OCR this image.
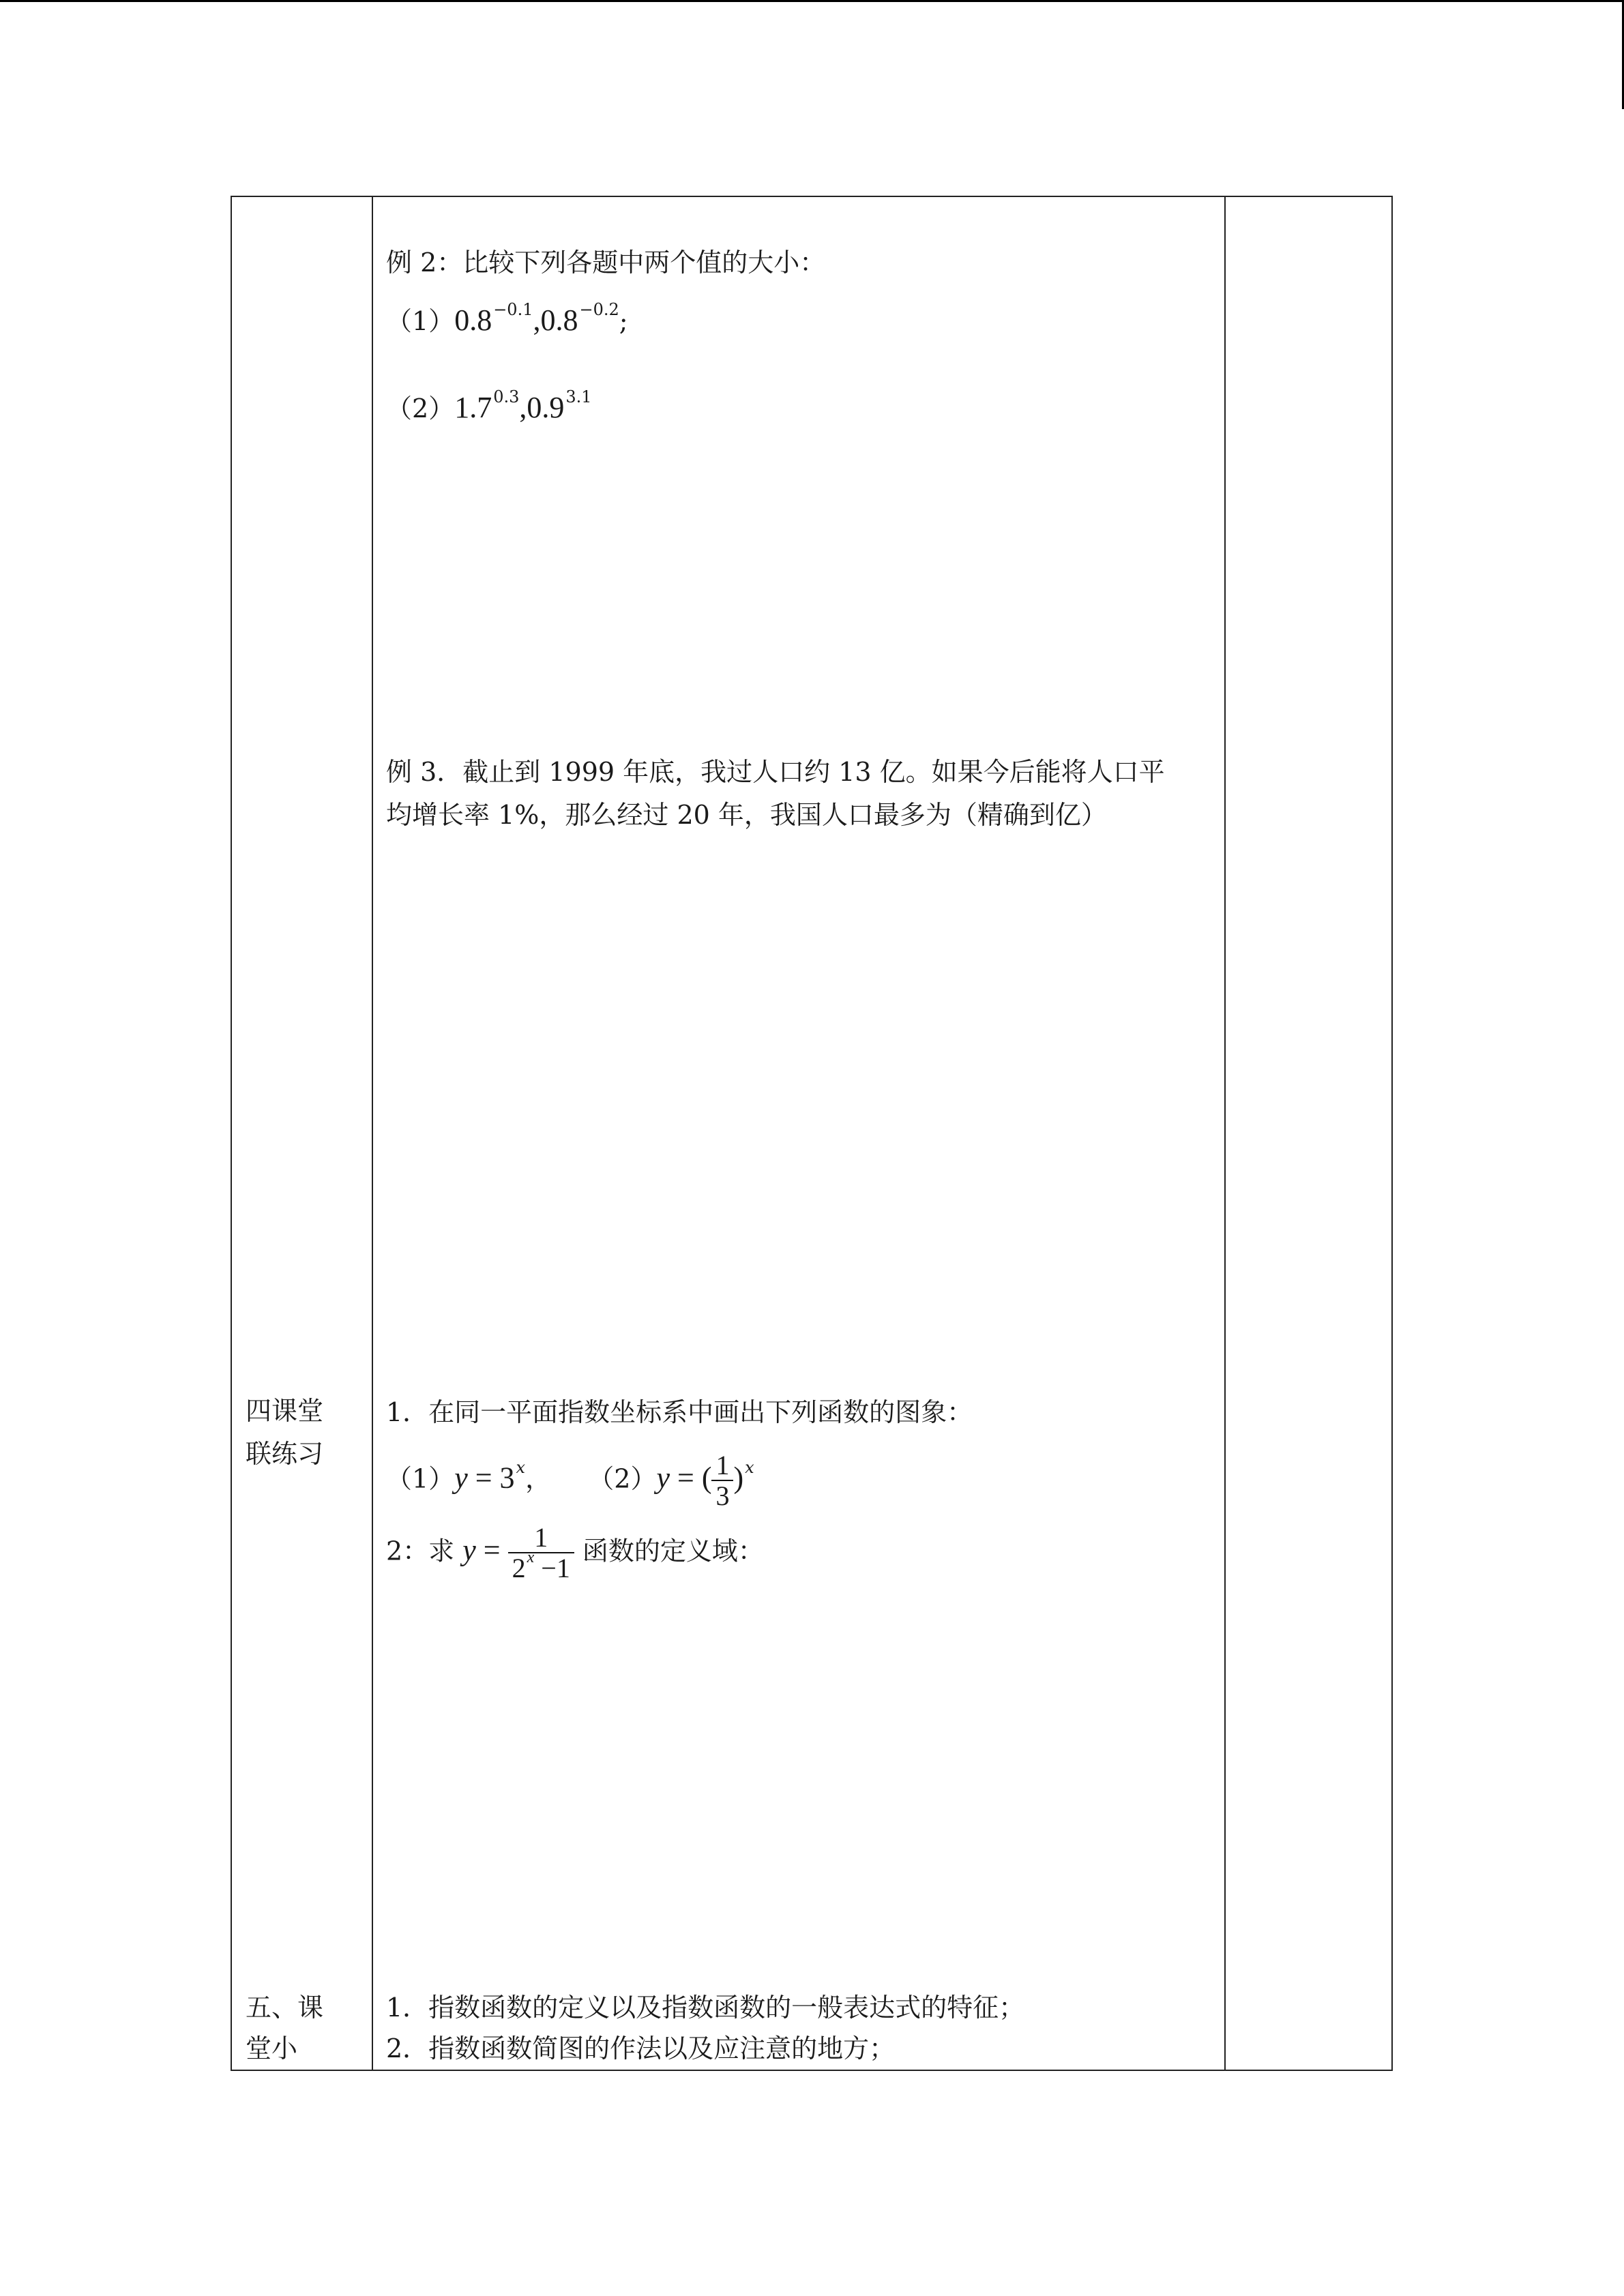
例 2：比较下列各题中两个值的大小：
$(1)0.8^{-0.1},0.8^{-0.2}$;
$(2)1.7^{0.3},0.9^{3.1}$
例 3．截止到 1999 年底，我过人口约 13 亿。如果今后能将人口平
均增长率 1%，那么经过 20 年，我国人口最多为（精确到亿）
四课堂
联练习
1．在同一平面指数坐标系中画出下列函数的图象：
$(1)y = 3^x$， （2）y = ( $\frac{1}{3} )^x$
2：求 $y = \frac{1}{2^x -1}$ 函数的定义域：
五、课
堂小
1．指数函数的定义以及指数函数的一般表达式的特征；
2．指数函数简图的作法以及应注意的地方；
